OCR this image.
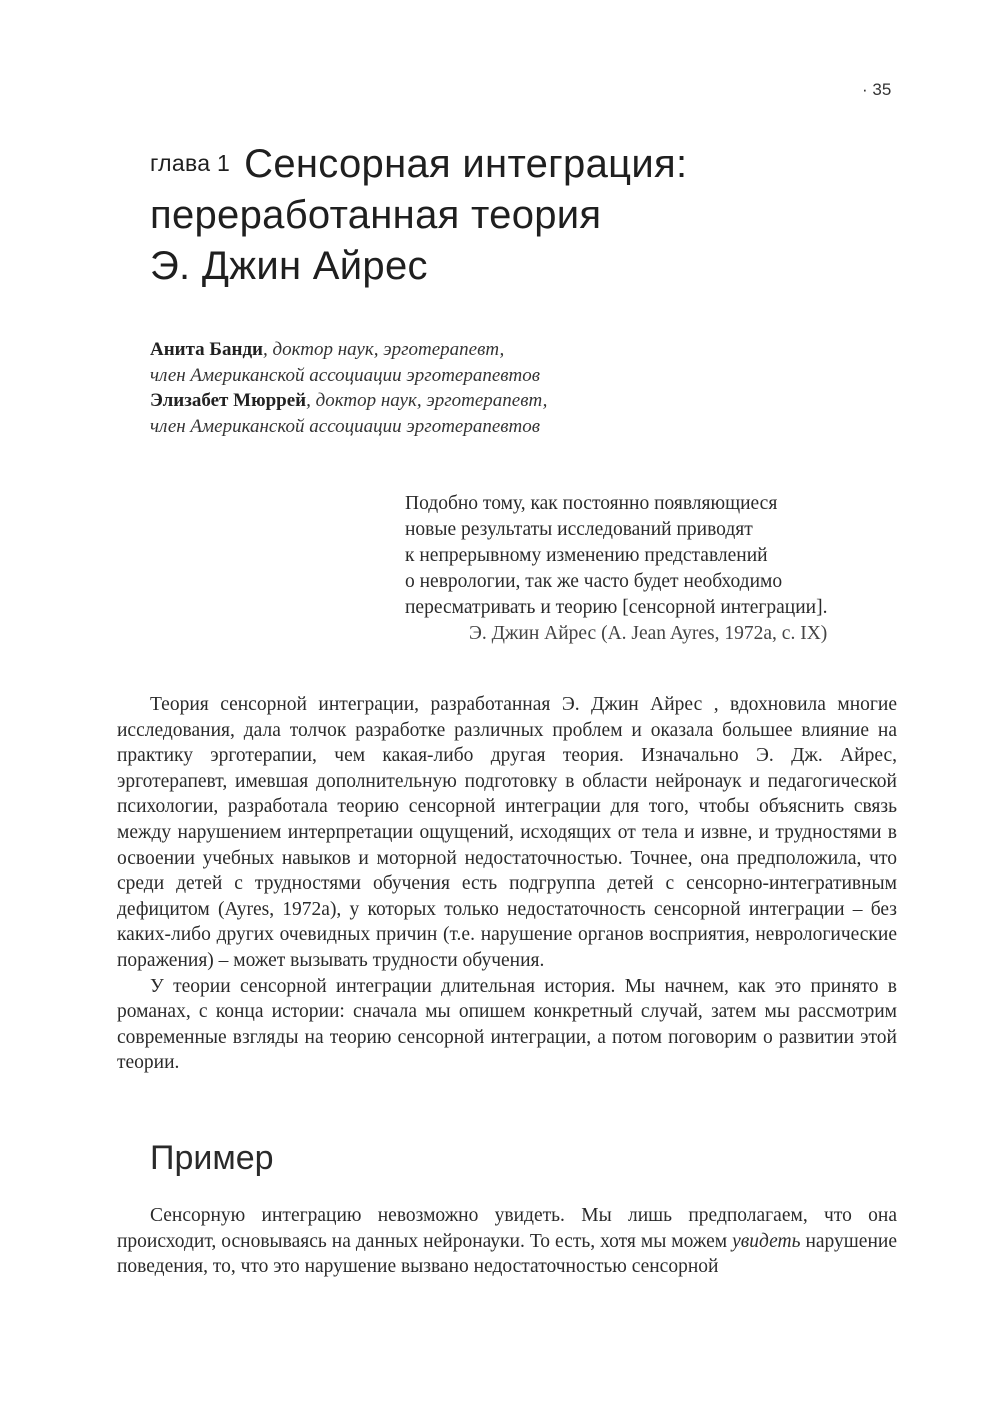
· 35
глава 1 Сенсорная интеграция:
переработанная теория
Э. Джин Айрес
Анита Банди, доктор наук, эрготерапевт,
член Американской ассоциации эрготерапевтов
Элизабет Мюррей, доктор наук, эрготерапевт,
член Американской ассоциации эрготерапевтов
Подобно тому, как постоянно появляющиеся
новые результаты исследований приводят
к непрерывному изменению представлений
о неврологии, так же часто будет необходимо
пересматривать и теорию [сенсорной интеграции].
Э. Джин Айрес (A. Jean Ayres, 1972a, с. IX)

Теория сенсорной интеграции, разработанная Э. Джин Айрес , вдохновила многие исследования, дала толчок разработке различных проблем и оказала большее влияние на практику эрготерапии, чем какая-либо другая теория. Изначально Э. Дж. Айрес, эрготерапевт, имевшая дополнительную подготовку в области нейронаук и педагогической психологии, разработала теорию сенсорной интеграции для того, чтобы объяснить связь между нарушением интерпретации ощущений, исходящих от тела и извне, и трудностями в освоении учебных навыков и моторной недостаточностью. Точнее, она предположила, что среди детей с трудностями обучения есть подгруппа детей с сенсорно-интегративным дефицитом (Ayres, 1972a), у которых только недостаточность сенсорной интеграции – без каких-либо других очевидных причин (т.е. нарушение органов восприятия, неврологические поражения) – может вызывать трудности обучения.

У теории сенсорной интеграции длительная история. Мы начнем, как это принято в романах, с конца истории: сначала мы опишем конкретный случай, затем мы рассмотрим современные взгляды на теорию сенсорной интеграции, а потом поговорим о развитии этой теории.

Пример

Сенсорную интеграцию невозможно увидеть. Мы лишь предполагаем, что она происходит, основываясь на данных нейронауки. То есть, хотя мы можем увидеть нарушение поведения, то, что это нарушение вызвано недостаточностью сенсорной
